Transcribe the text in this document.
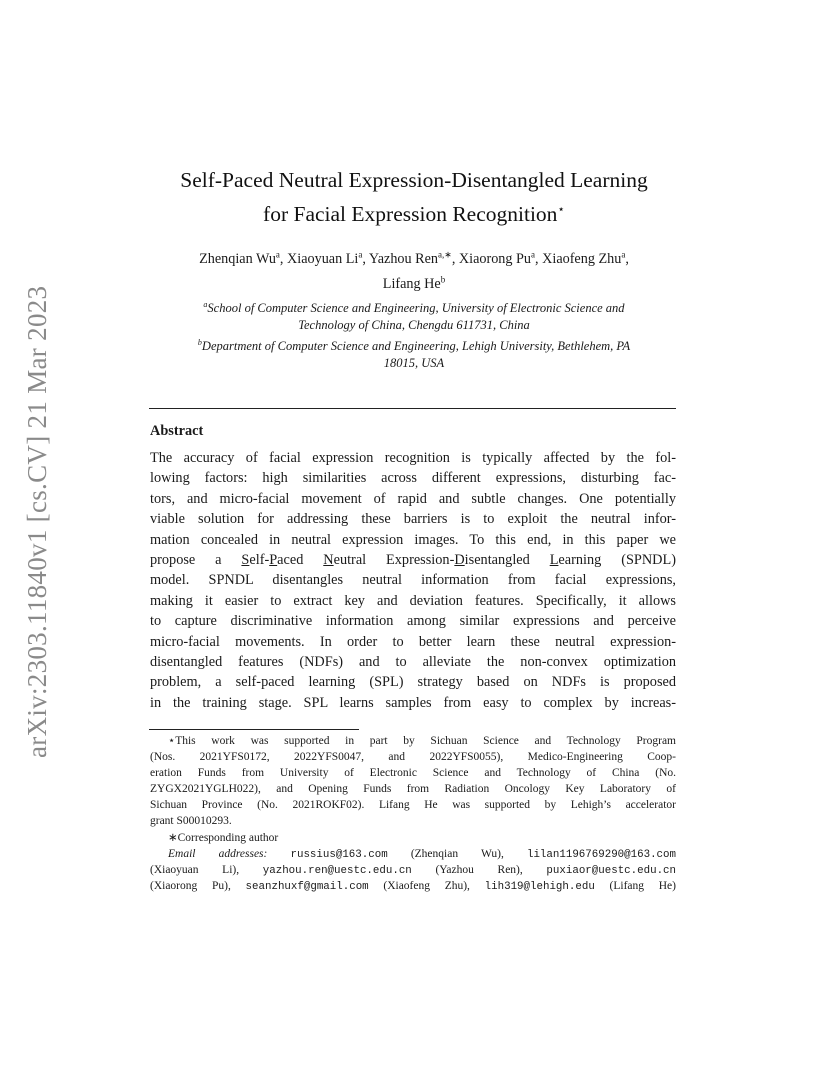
arXiv:2303.11840v1 [cs.CV] 21 Mar 2023
Self-Paced Neutral Expression-Disentangled Learning
for Facial Expression Recognition⋆
Zhenqian Wu$^a$, Xiaoyuan Li$^a$, Yazhou Ren$^{a,∗}$, Xiaorong Pu$^a$, Xiaofeng Zhu$^a$,
Lifang He$^b$
$^a$School of Computer Science and Engineering, University of Electronic Science and
Technology of China, Chengdu 611731, China
$^b$Department of Computer Science and Engineering, Lehigh University, Bethlehem, PA
18015, USA
Abstract
The accuracy of facial expression recognition is typically affected by the fol-
lowing factors: high similarities across different expressions, disturbing fac-
tors, and micro-facial movement of rapid and subtle changes. One potentially
viable solution for addressing these barriers is to exploit the neutral infor-
mation concealed in neutral expression images. To this end, in this paper we
propose a Self-Paced Neutral Expression-Disentangled Learning (SPNDL)
model. SPNDL disentangles neutral information from facial expressions,
making it easier to extract key and deviation features. Specifically, it allows
to capture discriminative information among similar expressions and perceive
micro-facial movements. In order to better learn these neutral expression-
disentangled features (NDFs) and to alleviate the non-convex optimization
problem, a self-paced learning (SPL) strategy based on NDFs is proposed
in the training stage. SPL learns samples from easy to complex by increas-
⋆This work was supported in part by Sichuan Science and Technology Program
(Nos. 2021YFS0172, 2022YFS0047, and 2022YFS0055), Medico-Engineering Coop-
eration Funds from University of Electronic Science and Technology of China (No.
ZYGX2021YGLH022), and Opening Funds from Radiation Oncology Key Laboratory of
Sichuan Province (No. 2021ROKF02). Lifang He was supported by Lehigh’s accelerator
grant S00010293.
∗Corresponding author
Email addresses: russius@163.com (Zhenqian Wu), lilan1196769290@163.com
(Xiaoyuan Li), yazhou.ren@uestc.edu.cn (Yazhou Ren), puxiaor@uestc.edu.cn
(Xiaorong Pu), seanzhuxf@gmail.com (Xiaofeng Zhu), lih319@lehigh.edu (Lifang He)
